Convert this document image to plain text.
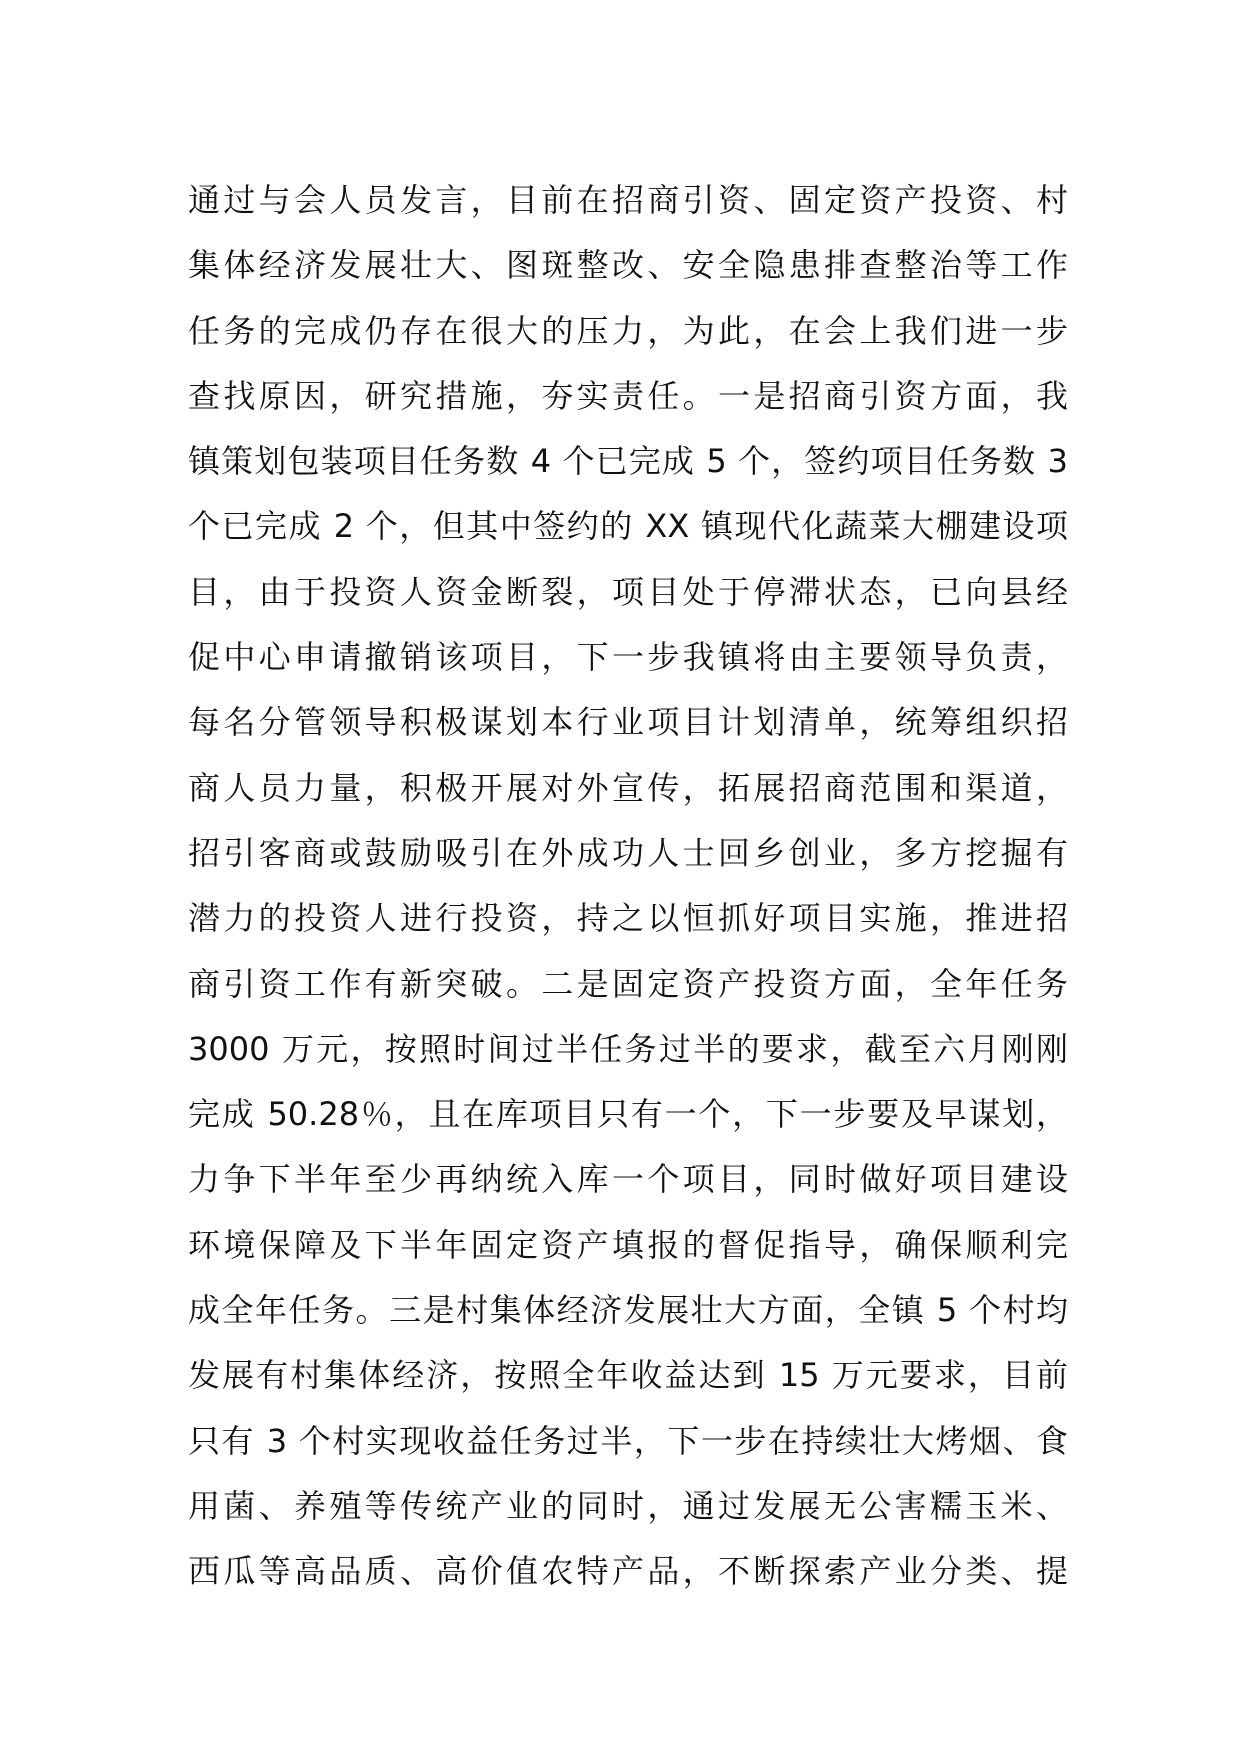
通过与会人员发言，目前在招商引资、固定资产投资、村
集体经济发展壮大、图斑整改、安全隐患排查整治等工作
任务的完成仍存在很大的压力，为此，在会上我们进一步
查找原因，研究措施，夯实责任。一是招商引资方面，我
镇策划包装项目任务数 4 个已完成 5 个，签约项目任务数 3
个已完成 2 个，但其中签约的 XX 镇现代化蔬菜大棚建设项
目，由于投资人资金断裂，项目处于停滞状态，已向县经
促中心申请撤销该项目，下一步我镇将由主要领导负责，
每名分管领导积极谋划本行业项目计划清单，统筹组织招
商人员力量，积极开展对外宣传，拓展招商范围和渠道，
招引客商或鼓励吸引在外成功人士回乡创业，多方挖掘有
潜力的投资人进行投资，持之以恒抓好项目实施，推进招
商引资工作有新突破。二是固定资产投资方面，全年任务
3000 万元，按照时间过半任务过半的要求，截至六月刚刚
完成 50.28％，且在库项目只有一个，下一步要及早谋划，
力争下半年至少再纳统入库一个项目，同时做好项目建设
环境保障及下半年固定资产填报的督促指导，确保顺利完
成全年任务。三是村集体经济发展壮大方面，全镇 5 个村均
发展有村集体经济，按照全年收益达到 15 万元要求，目前
只有 3 个村实现收益任务过半，下一步在持续壮大烤烟、食
用菌、养殖等传统产业的同时，通过发展无公害糯玉米、
西瓜等高品质、高价值农特产品，不断探索产业分类、提
